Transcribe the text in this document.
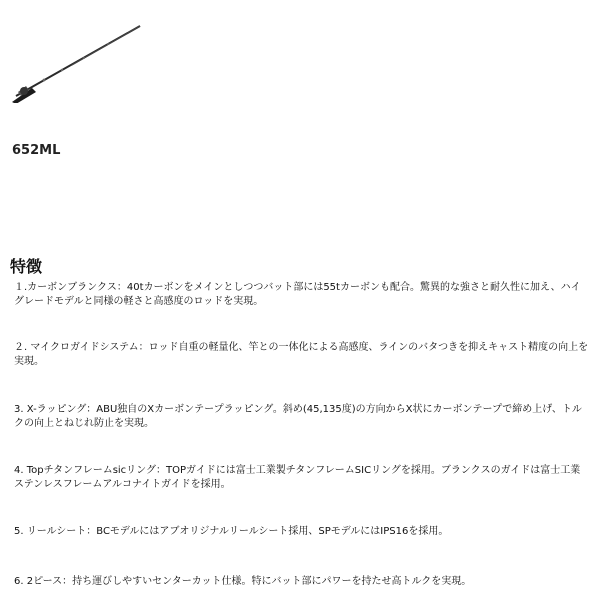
652ML

特徴

１.カーボンブランクス：40tカーボンをメインとしつつバット部には55tカーボンも配合。驚異的な強さと耐久性に加え、ハイグレードモデルと同様の軽さと高感度のロッドを実現。

２. マイクロガイドシステム：ロッド自重の軽量化、竿との一体化による高感度、ラインのバタつきを抑えキャスト精度の向上を実現。

3. X-ラッピング：ABU独自のXカーボンテープラッピング。斜め(45,135度)の方向からX状にカーボンテープで締め上げ、トルクの向上とねじれ防止を実現。

4. Topチタンフレームsicリング：TOPガイドには富士工業製チタンフレームSICリングを採用。ブランクスのガイドは富士工業ステンレスフレームアルコナイトガイドを採用。

5. リールシート：BCモデルにはアブオリジナルリールシート採用、SPモデルにはIPS16を採用。

6. 2ピース：持ち運びしやすいセンターカット仕様。特にバット部にパワーを持たせ高トルクを実現。
